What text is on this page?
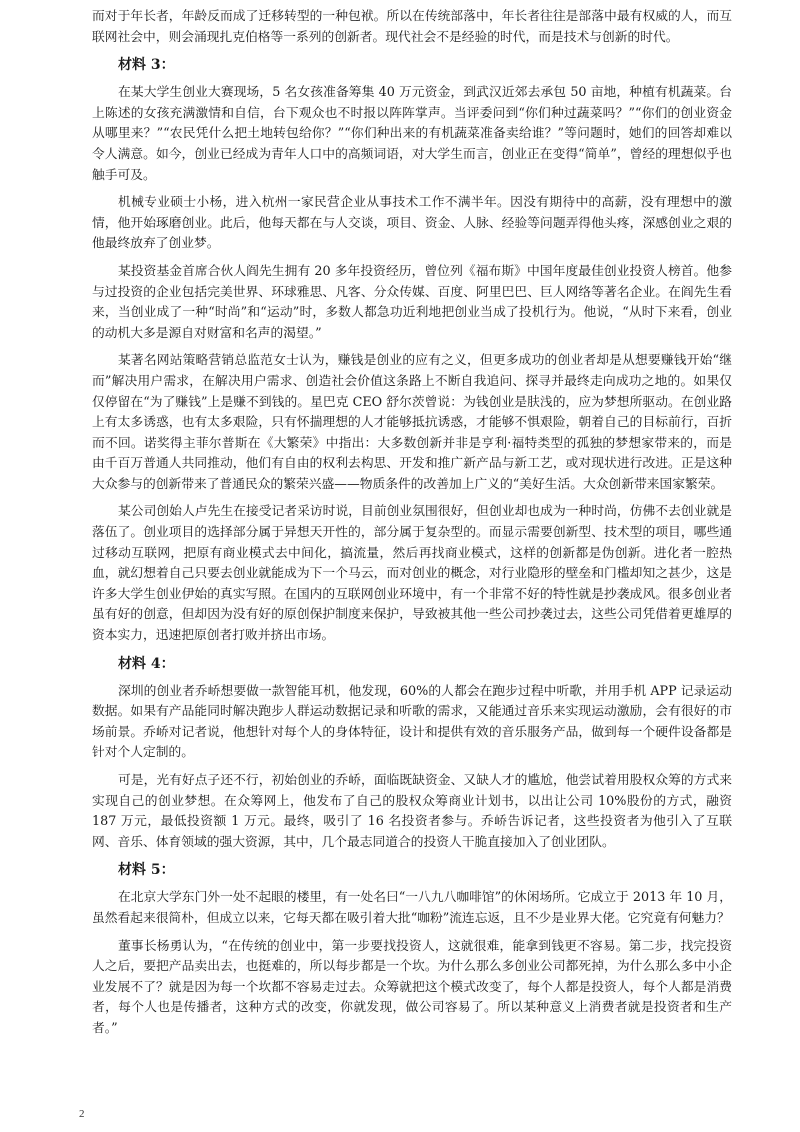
而对于年长者，年龄反而成了迁移转型的一种包袱。所以在传统部落中，年长者往往是部落中最有权威的人，而互联网社会中，则会涌现扎克伯格等一系列的创新者。现代社会不是经验的时代，而是技术与创新的时代。

材料 3：

在某大学生创业大赛现场，5 名女孩准备筹集 40 万元资金，到武汉近郊去承包 50 亩地，种植有机蔬菜。台上陈述的女孩充满激情和自信，台下观众也不时报以阵阵掌声。当评委问到“你们种过蔬菜吗？”“你们的创业资金从哪里来？”“农民凭什么把土地转包给你？”“你们种出来的有机蔬菜准备卖给谁？”等问题时，她们的回答却难以令人满意。如今，创业已经成为青年人口中的高频词语，对大学生而言，创业正在变得“简单”，曾经的理想似乎也触手可及。

机械专业硕士小杨，进入杭州一家民营企业从事技术工作不满半年。因没有期待中的高薪，没有理想中的激情，他开始琢磨创业。此后，他每天都在与人交谈，项目、资金、人脉、经验等问题弄得他头疼，深感创业之艰的他最终放弃了创业梦。

某投资基金首席合伙人阎先生拥有 20 多年投资经历，曾位列《福布斯》中国年度最佳创业投资人榜首。他参与过投资的企业包括完美世界、环球雅思、凡客、分众传媒、百度、阿里巴巴、巨人网络等著名企业。在阎先生看来，当创业成了一种“时尚”和“运动”时，多数人都急功近利地把创业当成了投机行为。他说，“从时下来看，创业的动机大多是源自对财富和名声的渴望。”

某著名网站策略营销总监范女士认为，赚钱是创业的应有之义，但更多成功的创业者却是从想要赚钱开始“继而”解决用户需求，在解决用户需求、创造社会价值这条路上不断自我追问、探寻并最终走向成功之地的。如果仅仅停留在“为了赚钱”上是赚不到钱的。星巴克 CEO 舒尔茨曾说：为钱创业是肤浅的，应为梦想所驱动。在创业路上有太多诱惑，也有太多艰险，只有怀揣理想的人才能够抵抗诱惑，才能够不惧艰险，朝着自己的目标前行，百折而不回。诺奖得主菲尔普斯在《大繁荣》中指出：大多数创新并非是亨利·福特类型的孤独的梦想家带来的，而是由千百万普通人共同推动，他们有自由的权利去构思、开发和推广新产品与新工艺，或对现状进行改进。正是这种大众参与的创新带来了普通民众的繁荣兴盛——物质条件的改善加上广义的“美好生活。大众创新带来国家繁荣。

某公司创始人卢先生在接受记者采访时说，目前创业氛围很好，但创业却也成为一种时尚，仿佛不去创业就是落伍了。创业项目的选择部分属于异想天开性的，部分属于复杂型的。而显示需要创新型、技术型的项目，哪些通过移动互联网，把原有商业模式去中间化，搞流量，然后再找商业模式，这样的创新都是伪创新。进化者一腔热血，就幻想着自己只要去创业就能成为下一个马云，而对创业的概念，对行业隐形的壁垒和门槛却知之甚少，这是许多大学生创业伊始的真实写照。在国内的互联网创业环境中，有一个非常不好的特性就是抄袭成风。很多创业者虽有好的创意，但却因为没有好的原创保护制度来保护，导致被其他一些公司抄袭过去，这些公司凭借着更雄厚的资本实力，迅速把原创者打败并挤出市场。

材料 4：

深圳的创业者乔峤想要做一款智能耳机，他发现，60%的人都会在跑步过程中听歌，并用手机 APP 记录运动数据。如果有产品能同时解决跑步人群运动数据记录和听歌的需求，又能通过音乐来实现运动激励，会有很好的市场前景。乔峤对记者说，他想针对每个人的身体特征，设计和提供有效的音乐服务产品，做到每一个硬件设备都是针对个人定制的。

可是，光有好点子还不行，初始创业的乔峤，面临既缺资金、又缺人才的尴尬，他尝试着用股权众筹的方式来实现自己的创业梦想。在众筹网上，他发布了自己的股权众筹商业计划书，以出让公司 10%股份的方式，融资 187 万元，最低投资额 1 万元。最终，吸引了 16 名投资者参与。乔峤告诉记者，这些投资者为他引入了互联网、音乐、体育领域的强大资源，其中，几个最志同道合的投资人干脆直接加入了创业团队。

材料 5：

在北京大学东门外一处不起眼的楼里，有一处名曰“一八九八咖啡馆”的休闲场所。它成立于 2013 年 10 月，虽然看起来很简朴，但成立以来，它每天都在吸引着大批“咖粉”流连忘返，且不少是业界大佬。它究竟有何魅力？

董事长杨勇认为，“在传统的创业中，第一步要找投资人，这就很难，能拿到钱更不容易。第二步，找完投资人之后，要把产品卖出去，也挺难的，所以每步都是一个坎。为什么那么多创业公司都死掉，为什么那么多中小企业发展不了？就是因为每一个坎都不容易走过去。众筹就把这个模式改变了，每个人都是投资人，每个人都是消费者，每个人也是传播者，这种方式的改变，你就发现，做公司容易了。所以某种意义上消费者就是投资者和生产者。”

2
